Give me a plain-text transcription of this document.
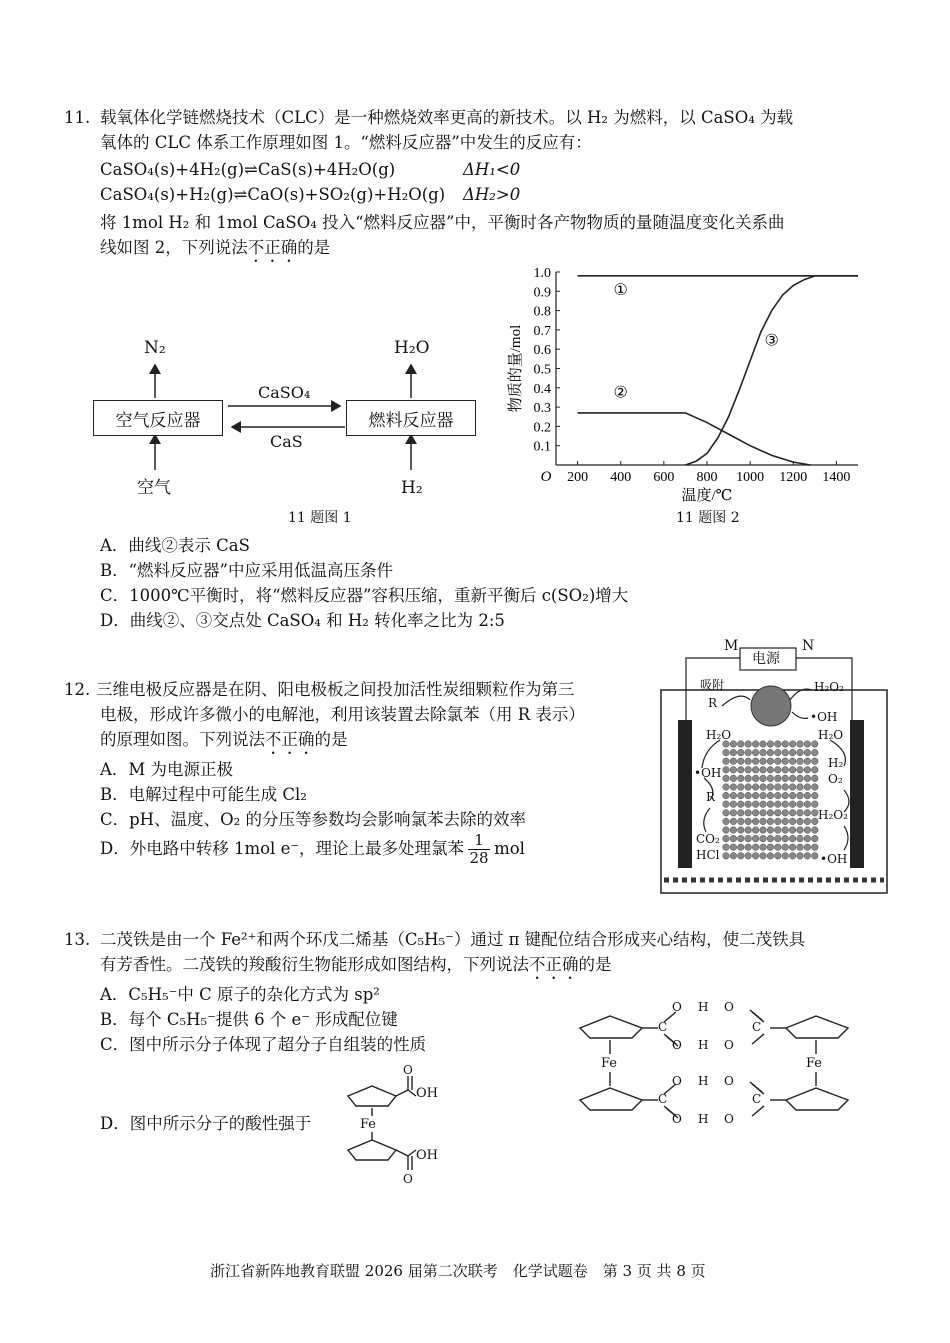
11. 载氧体化学链燃烧技术（CLC）是一种燃烧效率更高的新技术。以 H₂ 为燃料，以 CaSO₄ 为载
氧体的 CLC 体系工作原理如图 1。“燃料反应器”中发生的反应有：
CaSO₄(s)+4H₂(g)⇌CaS(s)+4H₂O(g)	ΔH₁<0
CaSO₄(s)+H₂(g)⇌CaO(s)+SO₂(g)+H₂O(g) ΔH₂>0
将 1mol H₂ 和 1mol CaSO₄ 投入“燃料反应器”中，平衡时各产物物质的量随温度变化关系曲
线如图 2，下列说法不正确的是
空气反应器	燃料反应器
N₂	H₂O
CaSO₄
CaS
空气	H₂
11 题图 1
200 400 600 800 1000 1200 1400
0.1
0.2
0.3
0.4
0.5
0.6
0.7
0.8
0.9
1.0
O
温度/℃
物质的量/mol
①
②
③
11 题图 2
A．曲线②表示 CaS
B．“燃料反应器”中应采用低温高压条件
C．1000℃平衡时，将“燃料反应器”容积压缩，重新平衡后 c(SO₂)增大
D．曲线②、③交点处 CaSO₄ 和 H₂ 转化率之比为 2:5
12. 三维电极反应器是在阴、阳电极板之间投加活性炭细颗粒作为第三
电极，形成许多微小的电解池，利用该装置去除氯苯（用 R 表示）
的原理如图。下列说法不正确的是
A．M 为电源正极
B．电解过程中可能生成 Cl₂
C．pH、温度、O₂ 的分压等参数均会影响氯苯去除的效率
D．外电路中转移 1mol e⁻，理论上最多处理氯苯 1
28 mol
M	N
电源
吸附
R
H₂O₂
•OH
H₂O	H₂O
•OH
H₂
O₂
R
H₂O₂
CO₂
HCl	•OH
13. 二茂铁是由一个 Fe²⁺和两个环戊二烯基（C₅H₅⁻）通过 π 键配位结合形成夹心结构，使二茂铁具
有芳香性。二茂铁的羧酸衍生物能形成如图结构，下列说法不正确的是
A．C₅H₅⁻中 C 原子的杂化方式为 sp²
B．每个 C₅H₅⁻提供 6 个 e⁻ 形成配位键
C．图中所示分子体现了超分子自组装的性质
D．图中所示分子的酸性强于
O
OH
Fe
OH
O
C
O H O
C
O H O
Fe	Fe
C
O H O
C
O H O
浙江省新阵地教育联盟 2026 届第二次联考　化学试题卷　第 3 页 共 8 页
